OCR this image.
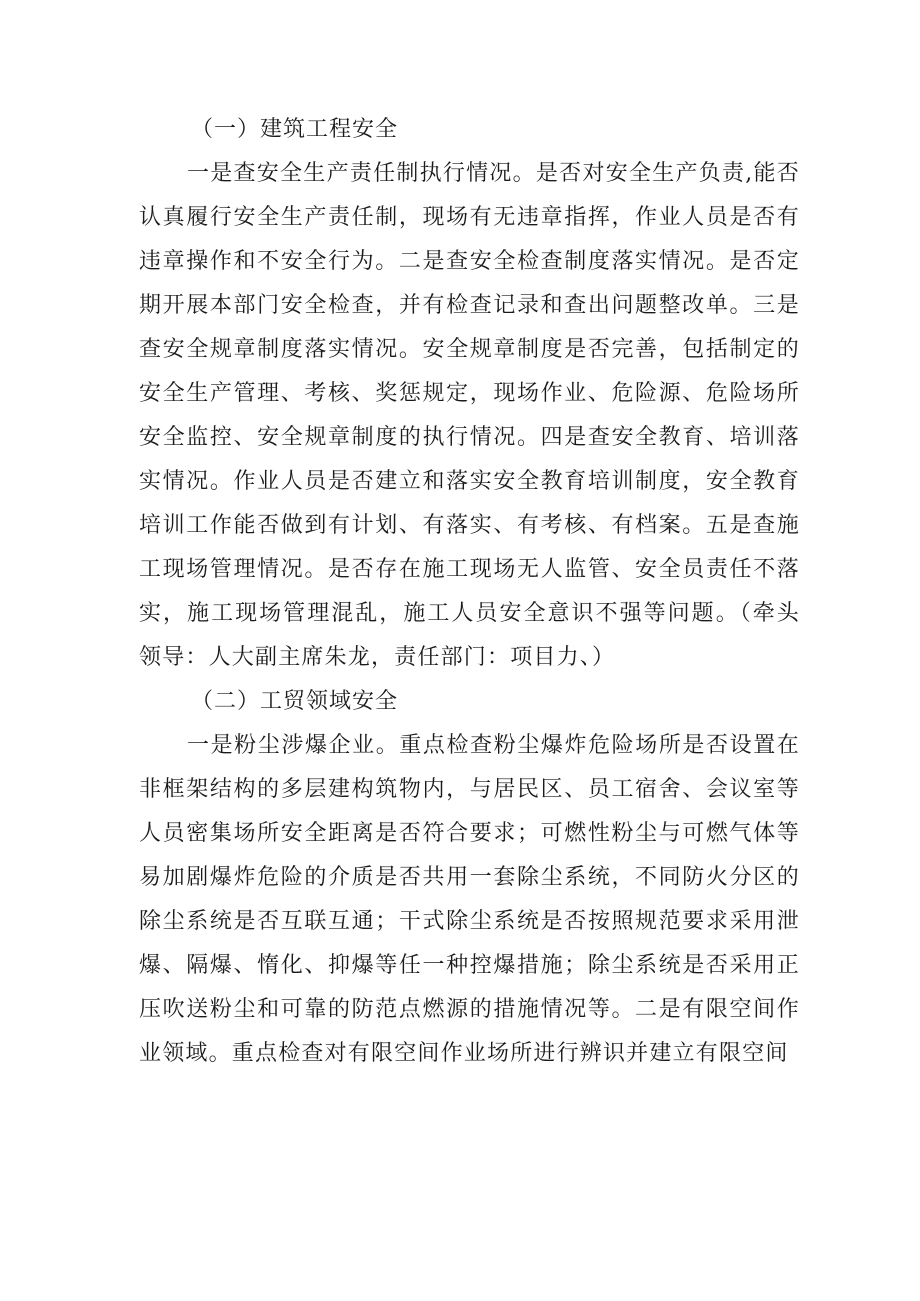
（一）建筑工程安全

一是查安全生产责任制执行情况。是否对安全生产负责,能否认真履行安全生产责任制，现场有无违章指挥，作业人员是否有违章操作和不安全行为。二是查安全检查制度落实情况。是否定期开展本部门安全检查，并有检查记录和查出问题整改单。三是查安全规章制度落实情况。安全规章制度是否完善，包括制定的安全生产管理、考核、奖惩规定，现场作业、危险源、危险场所安全监控、安全规章制度的执行情况。四是查安全教育、培训落实情况。作业人员是否建立和落实安全教育培训制度，安全教育培训工作能否做到有计划、有落实、有考核、有档案。五是查施工现场管理情况。是否存在施工现场无人监管、安全员责任不落实，施工现场管理混乱，施工人员安全意识不强等问题。（牵头领导：人大副主席朱龙，责任部门：项目力、）

（二）工贸领域安全

一是粉尘涉爆企业。重点检查粉尘爆炸危险场所是否设置在非框架结构的多层建构筑物内，与居民区、员工宿舍、会议室等人员密集场所安全距离是否符合要求；可燃性粉尘与可燃气体等易加剧爆炸危险的介质是否共用一套除尘系统，不同防火分区的除尘系统是否互联互通；干式除尘系统是否按照规范要求采用泄爆、隔爆、惰化、抑爆等任一种控爆措施；除尘系统是否采用正压吹送粉尘和可靠的防范点燃源的措施情况等。二是有限空间作业领域。重点检查对有限空间作业场所进行辨识并建立有限空间
